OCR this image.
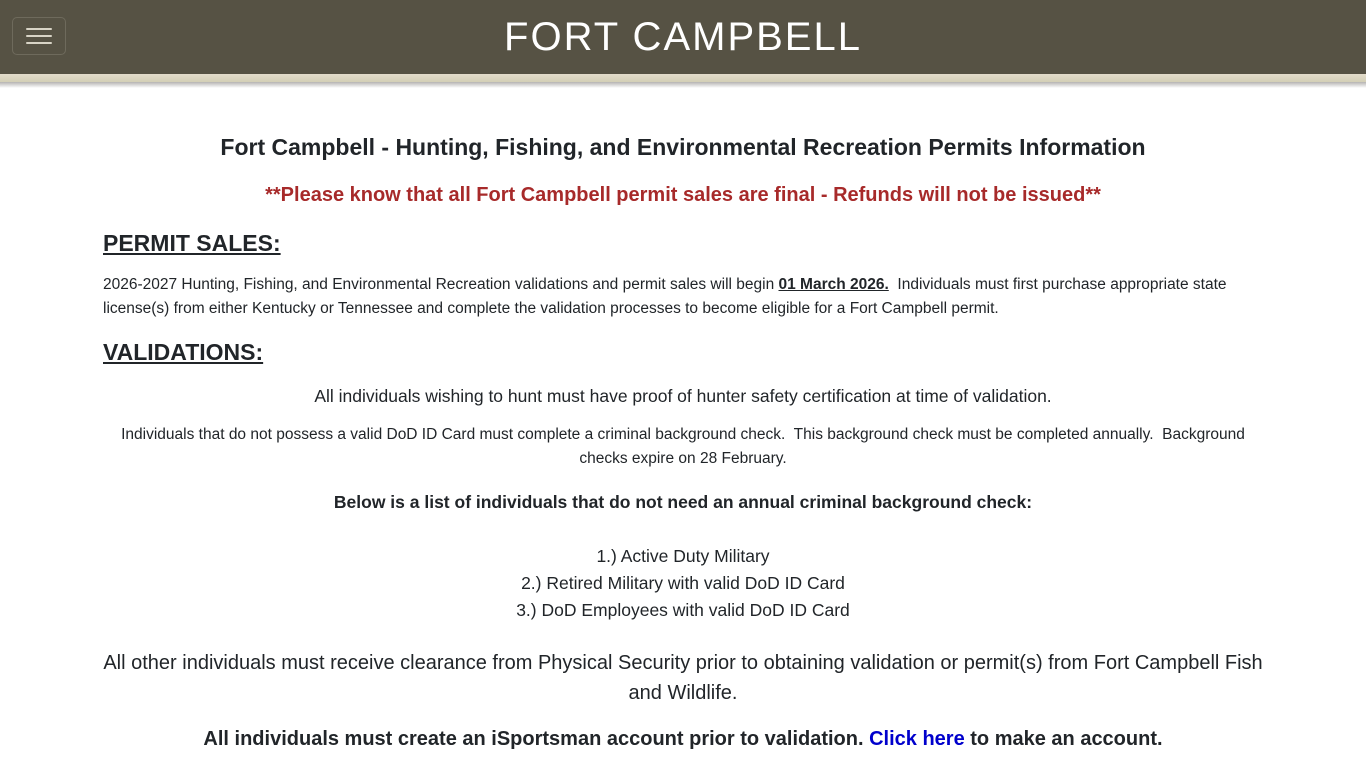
FORT CAMPBELL
Fort Campbell - Hunting, Fishing, and Environmental Recreation Permits Information

**Please know that all Fort Campbell permit sales are final - Refunds will not be issued**

PERMIT SALES:

2026-2027 Hunting, Fishing, and Environmental Recreation validations and permit sales will begin 01 March 2026.  Individuals must first purchase appropriate state license(s) from either Kentucky or Tennessee and complete the validation processes to become eligible for a Fort Campbell permit.

VALIDATIONS:

All individuals wishing to hunt must have proof of hunter safety certification at time of validation.

Individuals that do not possess a valid DoD ID Card must complete a criminal background check.  This background check must be completed annually.  Background checks expire on 28 February.

Below is a list of individuals that do not need an annual criminal background check:

1.) Active Duty Military
2.) Retired Military with valid DoD ID Card
3.) DoD Employees with valid DoD ID Card

All other individuals must receive clearance from Physical Security prior to obtaining validation or permit(s) from Fort Campbell Fish and Wildlife.

All individuals must create an iSportsman account prior to validation. Click here to make an account.
